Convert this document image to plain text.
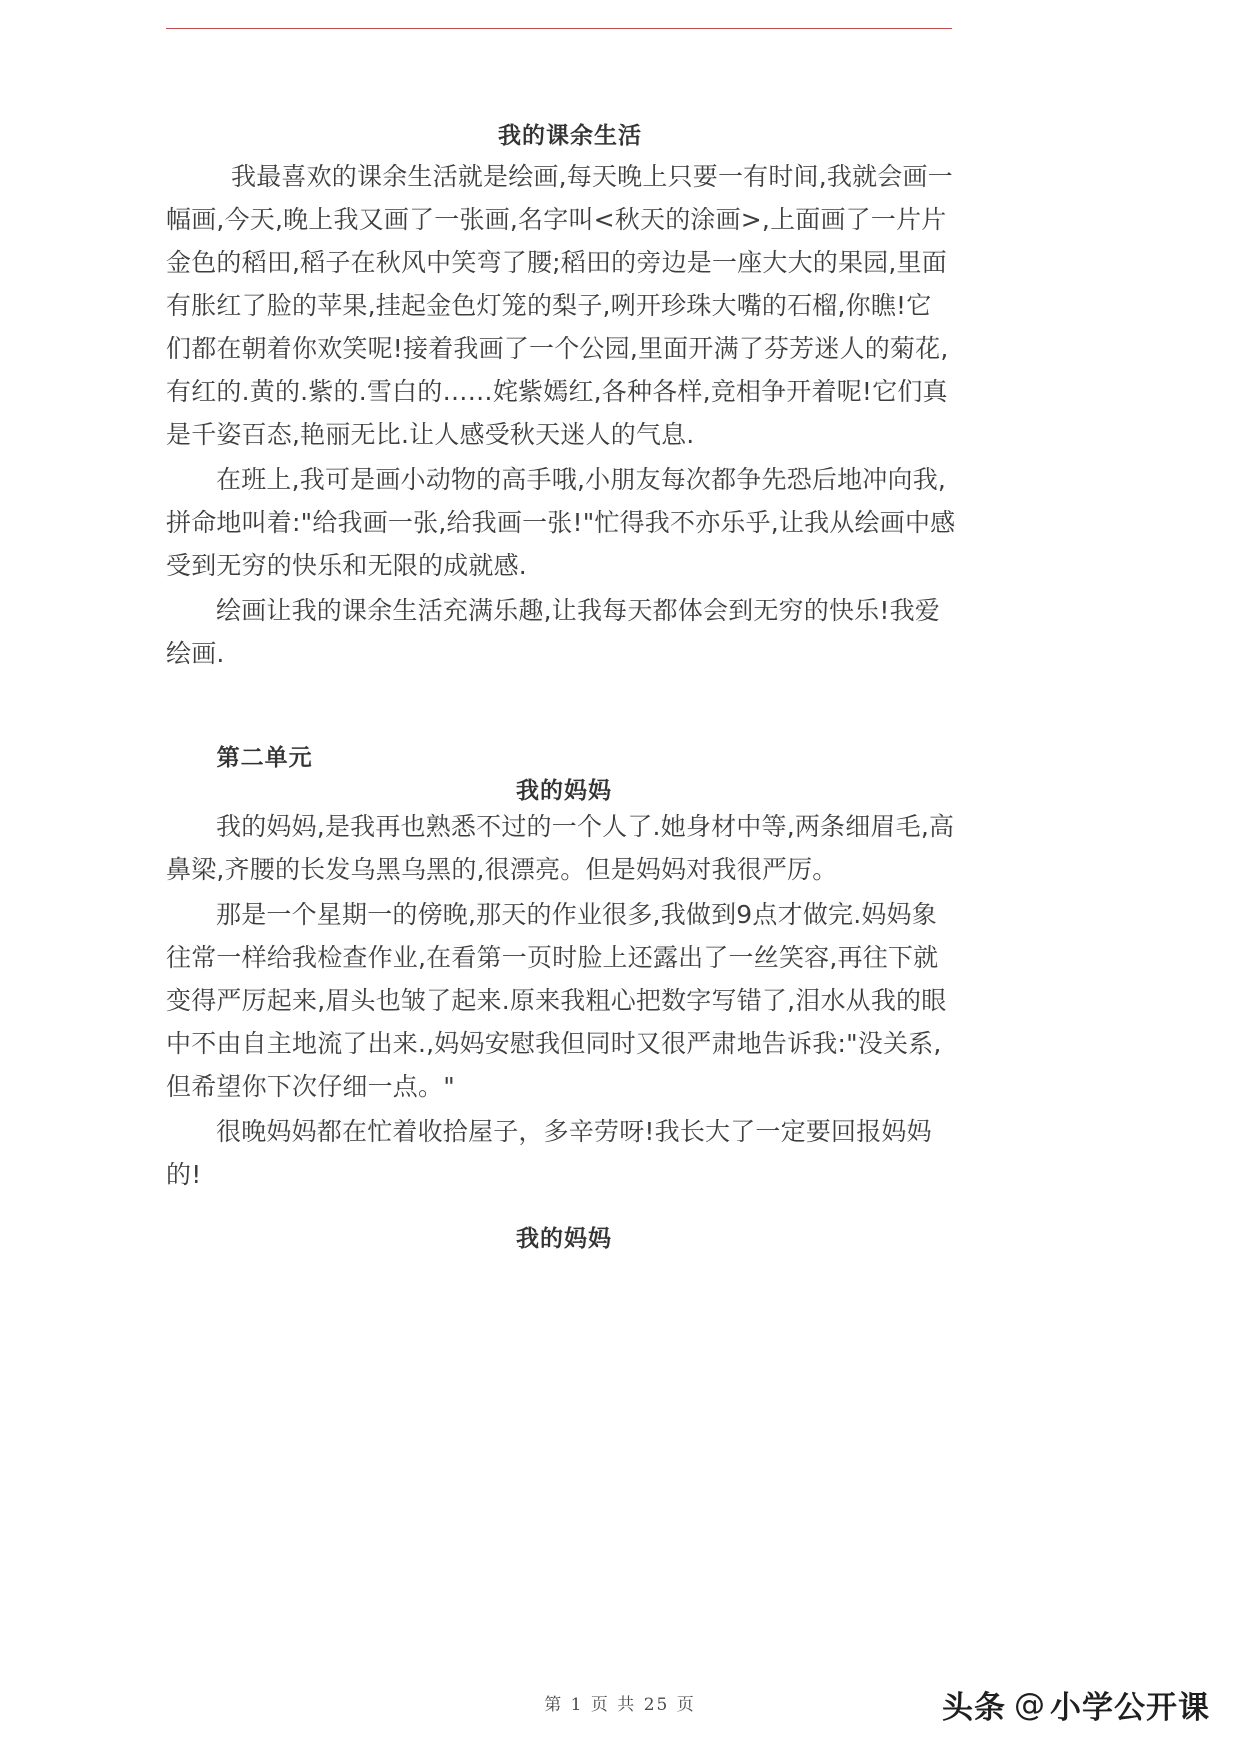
我的课余生活

我最喜欢的课余生活就是绘画,每天晚上只要一有时间,我就会画一幅画,今天,晚上我又画了一张画,名字叫<秋天的涂画>,上面画了一片片金色的稻田,稻子在秋风中笑弯了腰;稻田的旁边是一座大大的果园,里面有胀红了脸的苹果,挂起金色灯笼的梨子,咧开珍珠大嘴的石榴,你瞧!它们都在朝着你欢笑呢!接着我画了一个公园,里面开满了芬芳迷人的菊花,有红的.黄的.紫的.雪白的……姹紫嫣红,各种各样,竞相争开着呢!它们真是千姿百态,艳丽无比.让人感受秋天迷人的气息.

在班上,我可是画小动物的高手哦,小朋友每次都争先恐后地冲向我,拼命地叫着:"给我画一张,给我画一张!"忙得我不亦乐乎,让我从绘画中感受到无穷的快乐和无限的成就感.

绘画让我的课余生活充满乐趣,让我每天都体会到无穷的快乐!我爱绘画.

第二单元
我的妈妈

我的妈妈,是我再也熟悉不过的一个人了.她身材中等,两条细眉毛,高鼻梁,齐腰的长发乌黑乌黑的,很漂亮。但是妈妈对我很严厉。

那是一个星期一的傍晚,那天的作业很多,我做到9点才做完.妈妈象往常一样给我检查作业,在看第一页时脸上还露出了一丝笑容,再往下就变得严厉起来,眉头也皱了起来.原来我粗心把数字写错了,泪水从我的眼中不由自主地流了出来.,妈妈安慰我但同时又很严肃地告诉我:"没关系,但希望你下次仔细一点。"

很晚妈妈都在忙着收拾屋子，多辛劳呀!我长大了一定要回报妈妈的!

我的妈妈
第 1 页 共 25 页	头条 @ 小学公开课
